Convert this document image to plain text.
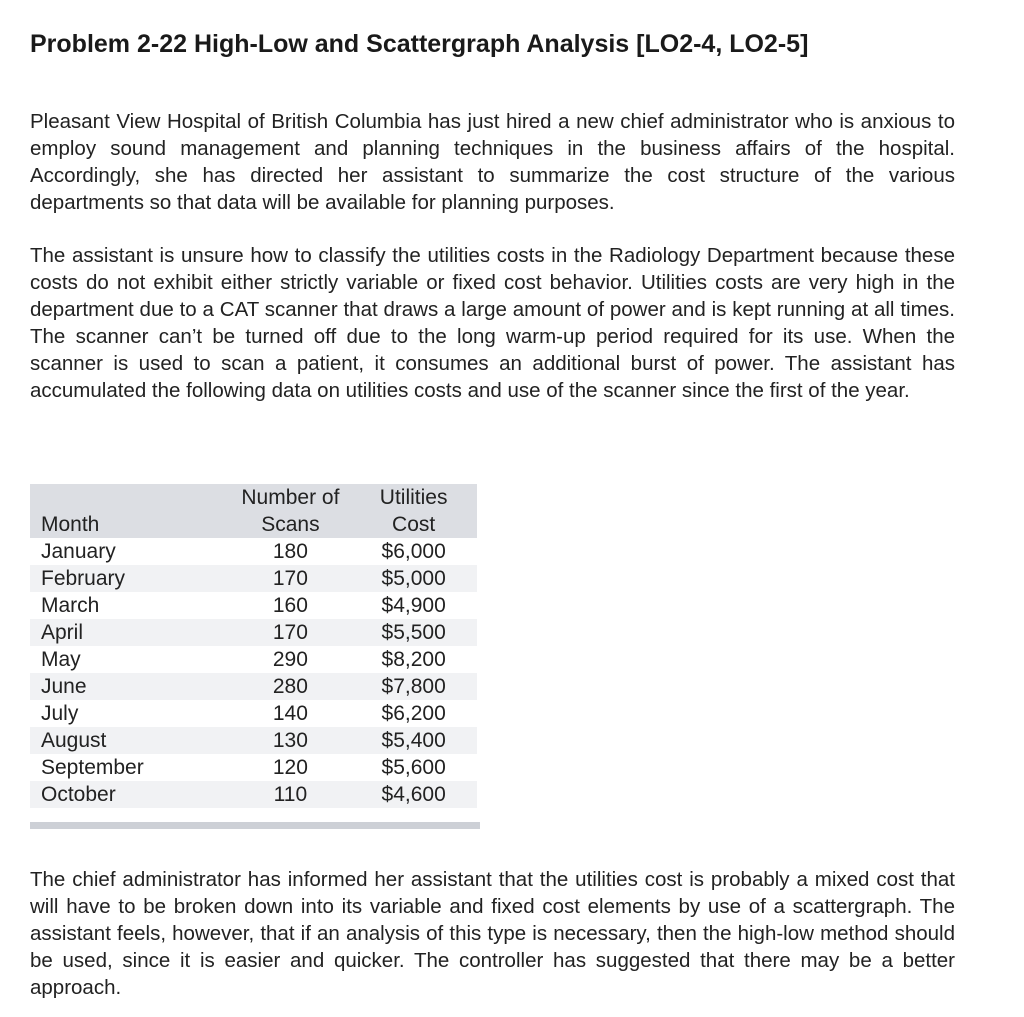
Problem 2-22 High-Low and Scattergraph Analysis [LO2-4, LO2-5]

Pleasant View Hospital of British Columbia has just hired a new chief administrator who is anxious to employ sound management and planning techniques in the business affairs of the hospital. Accordingly, she has directed her assistant to summarize the cost structure of the various departments so that data will be available for planning purposes.

The assistant is unsure how to classify the utilities costs in the Radiology Department because these costs do not exhibit either strictly variable or fixed cost behavior. Utilities costs are very high in the department due to a CAT scanner that draws a large amount of power and is kept running at all times. The scanner can’t be turned off due to the long warm-up period required for its use. When the scanner is used to scan a patient, it consumes an additional burst of power. The assistant has accumulated the following data on utilities costs and use of the scanner since the first of the year.

	Number of	Utilities
Month	Scans	Cost
January	180	$6,000
February	170	$5,000
March	160	$4,900
April	170	$5,500
May	290	$8,200
June	280	$7,800
July	140	$6,200
August	130	$5,400
September	120	$5,600
October	110	$4,600

The chief administrator has informed her assistant that the utilities cost is probably a mixed cost that will have to be broken down into its variable and fixed cost elements by use of a scattergraph. The assistant feels, however, that if an analysis of this type is necessary, then the high-low method should be used, since it is easier and quicker. The controller has suggested that there may be a better approach.
